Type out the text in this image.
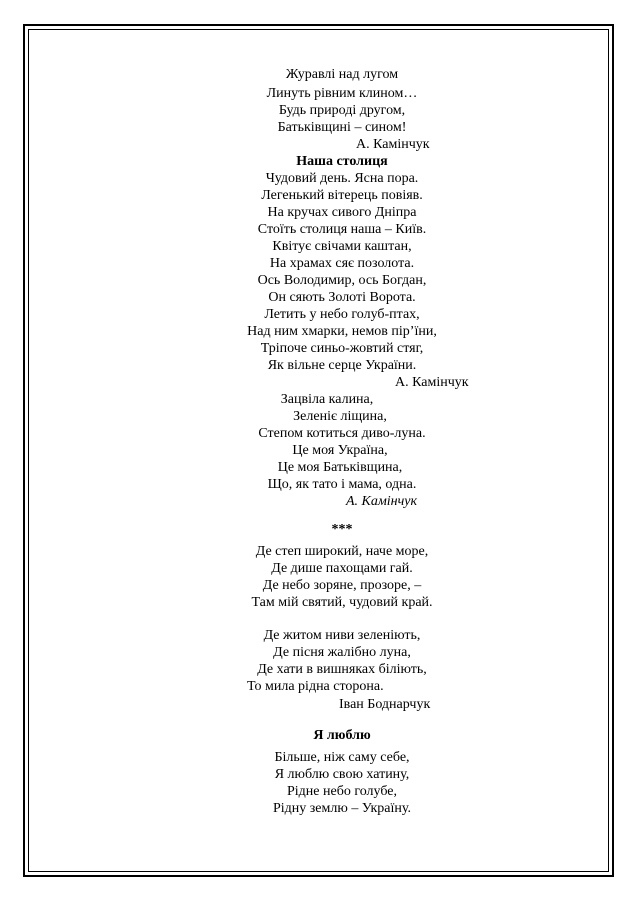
Журавлі над лугом
Линуть рівним клином…
Будь природі другом,
Батьківщині – сином!
А. Камінчук
Наша столиця
Чудовий день. Ясна пора.
Легенький вітерець повіяв.
На кручах сивого Дніпра
Стоїть столиця наша – Київ.
Квітує свічами каштан,
На храмах сяє позолота.
Ось Володимир, ось Богдан,
Он сяють Золоті Ворота.
Летить у небо голуб-птах,
Над ним хмарки, немов пір’їни,
Тріпоче синьо-жовтий стяг,
Як вільне серце України.
А. Камінчук
Зацвіла калина,
Зеленіє ліщина,
Степом котиться диво-луна.
Це моя Україна,
Це моя Батьківщина,
Що, як тато і мама, одна.
А. Камінчук
***
Де степ широкий, наче море,
Де дише пахощами гай.
Де небо зоряне, прозоре, –
Там мій святий, чудовий край.
Де житом ниви зеленіють,
Де пісня жалібно луна,
Де хати в вишняках біліють,
То мила рідна сторона.
Іван Боднарчук
Я люблю
Більше, ніж саму себе,
Я люблю свою хатину,
Рідне небо голубе,
Рідну землю – Україну.
